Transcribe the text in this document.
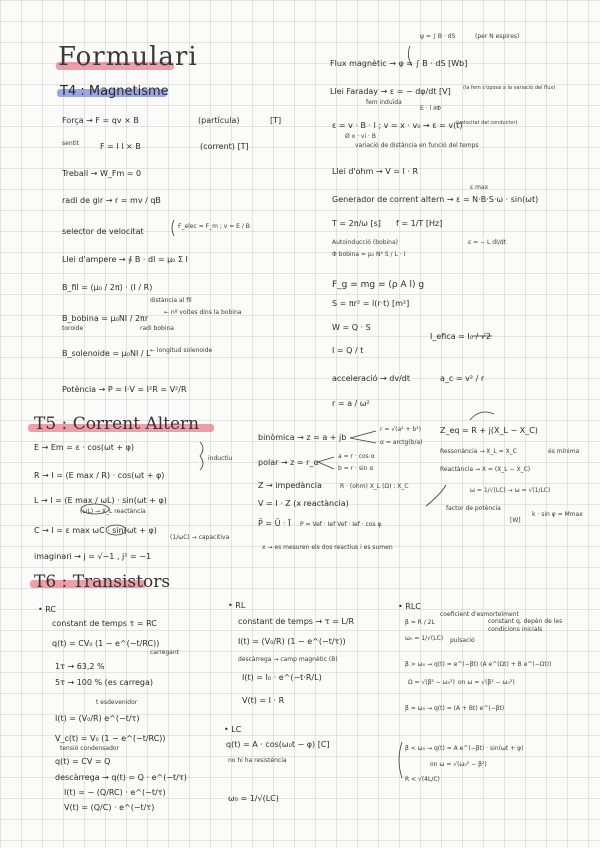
Formulari
T4 : Magnetisme
Força → F = qv × B	(partícula)	[T]
sentit	F = I l × B	(corrent) [T]
Treball → W_Fm = 0
radi de gir → r = mv / qB
selector de velocitat
F_elec = F_m ; v = E / B
Llei d'ampere → ∮ B · dl = μ₀ Σ I
B_fil = (μ₀ / 2π) · (I / R)
distància al fil
B_bobina = μ₀NI / 2πr
toroide	radi bobina
← nº voltes dins la bobina
B_solenoide = μ₀NI / L ← longitud solenoide
Potència → P = I·V = I²R = V²/R
ψ = ∫ B · dS	(per N espires)
Flux magnètic → φ = ∫ B · dS [Wb]
Llei Faraday → ε = − dφ/dt [V] (la fem s'oposa a la variació del flux)
fem induïda
E · l ∂Φ
ε = v · B · l ; v = x · v₀ → ε = v(t)
(velocitat del conductor)
Ø x · vi · B
variació de distància en funció del temps
Llei d'ohm → V = I · R
ε max
Generador de corrent altern → ε = N·B·S·ω · sin(ωt)
T = 2π/ω [s] f = 1/T [Hz]
Autoinducció (bobina)
Φ bobina = μ₀ N² S / L · I
ε = − L dI/dt
F_g = mg = (ρ A l) g
S = πr² = l(r·t) [m²]
W = Q · S
I = Q / t
acceleració → dv/dt	a_c = v² / r
r = a / ω²
I_efica = I₀ / √2
T5 : Corrent Altern
E → Em = ε · cos(ωt + φ)
R → I = (E max / R) · cos(ωt + φ)
inductiu
L → I = (E max / ωL) · sin(ωt + φ)
(ωL) → X_L reactància
C → I = ε max ωC · sin(ωt + φ)
(1/ωC) → capacitiva
imaginari → j = √−1 , j² = −1
binòmica → z = a + jb
r = √(a² + b²)
α = arctg(b/a)
polar → z = r_α
a = r · cos α
b = r · sin α
Z → impedància	R · (ohm) X_L (Ω) ; X_C
V = I · Z (x reactància)
P̄ = Ū · Ī P = Vef · Ief Vef · Ief · cos φ
factor de potència
[W]
x → es mesuren els dos reactius i es sumen
Z_eq = R + j(X_L − X_C)
Ressonància → X_L = X_C	és mínima
Reactància → X = (X_L − X_C)
ω = 1/√(LC) → ω = √(1/LC)
k · sin φ = Mmax
T6 : Transistors
• RC
constant de temps τ = RC
q(t) = CV₀ (1 − e^(−t/RC))
carregant
1τ → 63,2 %
5τ → 100 % (es carrega)
t esdevenidor
I(t) = (V₀/R) e^(−t/τ)
V_c(t) = V₀ (1 − e^(−t/RC))
tensió condensador
q(t) = CV = Q
descàrrega → q(t) = Q · e^(−t/τ)
I(t) = − (Q/RC) · e^(−t/τ)
V(t) = (Q/C) · e^(−t/τ)
• RL
constant de temps → τ = L/R
I(t) = (V₀/R) (1 − e^(−t/τ))
descàrrega → camp magnètic (B)
I(t) = I₀ · e^(−t·R/L)
V(t) = I · R
• LC
q(t) = A · cos(ω₀t − φ) [C]
no hi ha resistència
ω₀ = 1/√(LC)
• RLC
β = R / 2L
coeficient d'esmorteïment
ω₀ = 1/√(LC) pulsació
constant q. depèn de les condicions inicials
β > ω₀ → q(t) = e^(−βt) (A e^(Ωt) + B e^(−Ωt))
Ω = √(β² − ω₀²) on ω = √(β² − ω₀²)
β = ω₀ → q(t) = (A + Bt) e^(−βt)
β < ω₀ → q(t) = A e^(−βt) · sin(ωt + φ)
on ω = √(ω₀² − β²)
R < √(4L/C)
